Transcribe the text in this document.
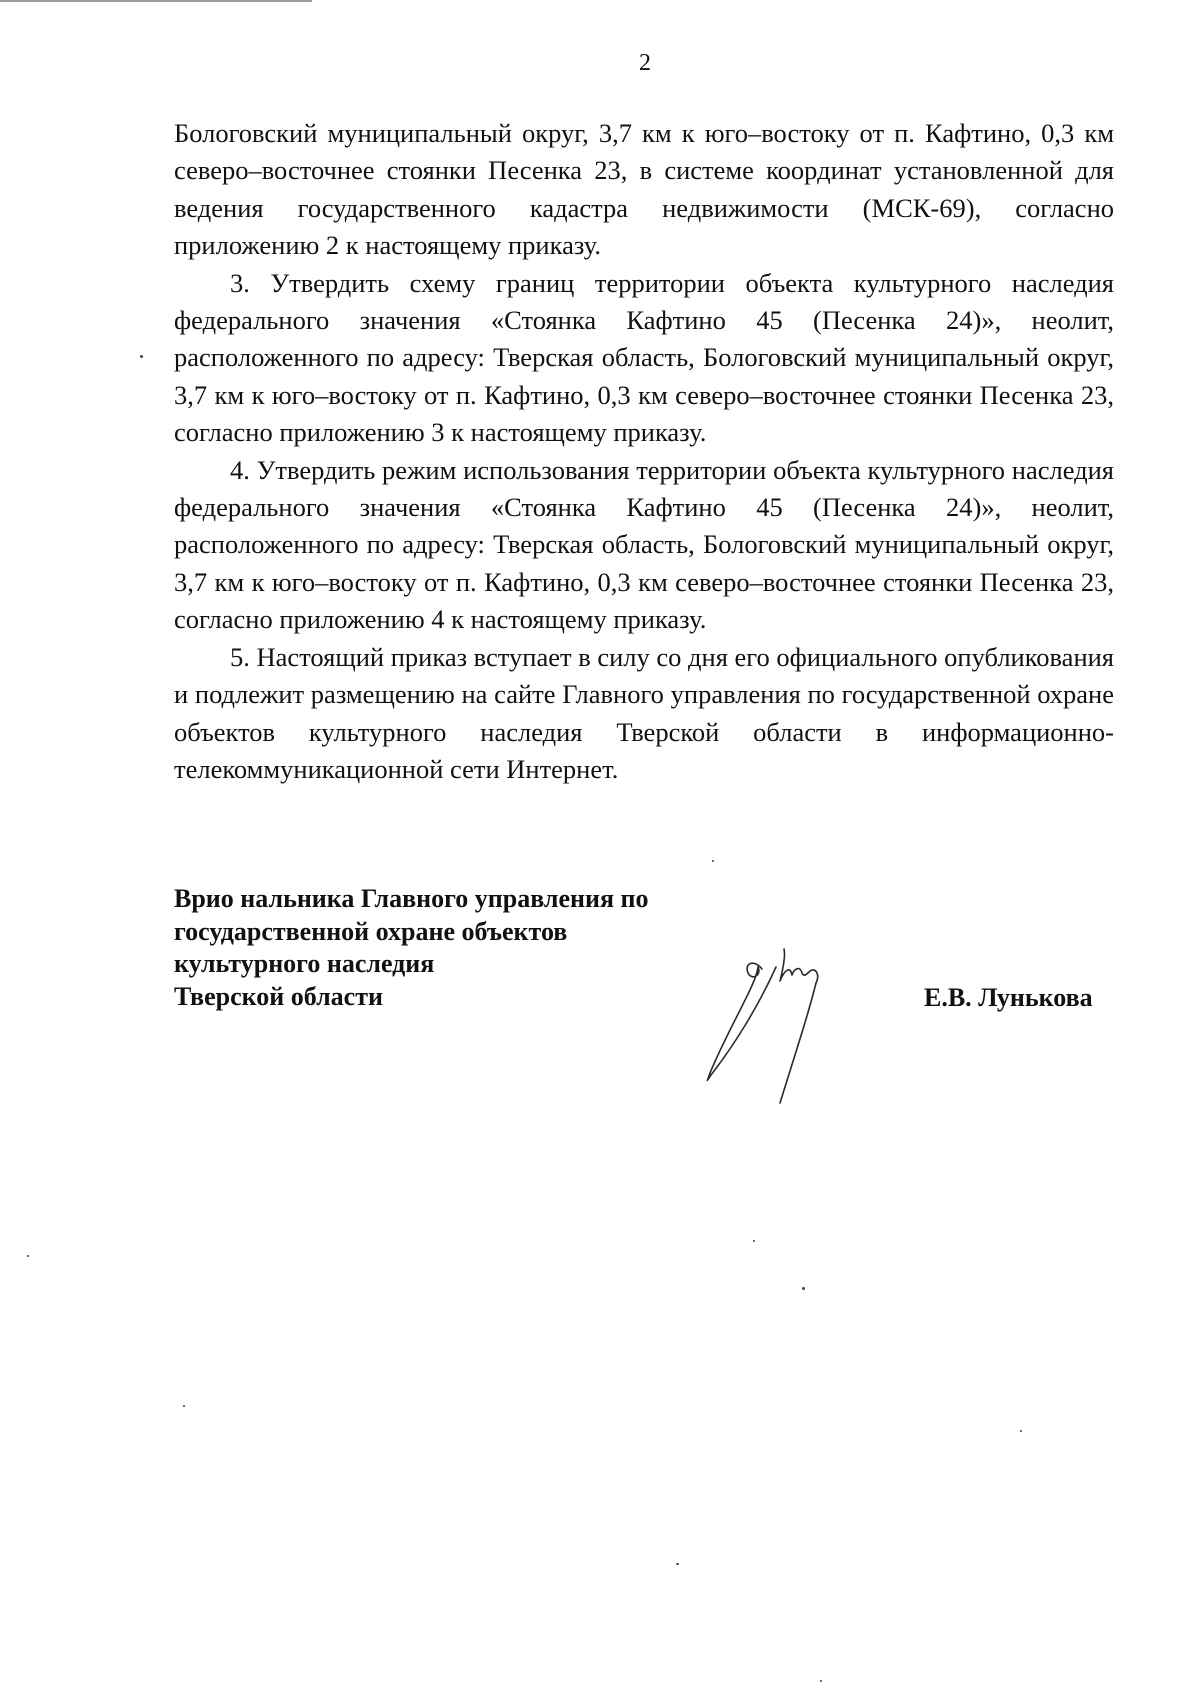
2

Бологовский муниципальный округ, 3,7 км к юго–востоку от п. Кафтино, 0,3 км северо–восточнее стоянки Песенка 23, в системе координат установленной для ведения государственного кадастра недвижимости (МСК-69), согласно приложению 2 к настоящему приказу.

3. Утвердить схему границ территории объекта культурного наследия федерального значения «Стоянка Кафтино 45 (Песенка 24)», неолит, расположенного по адресу: Тверская область, Бологовский муниципальный округ, 3,7 км к юго–востоку от п. Кафтино, 0,3 км северо–восточнее стоянки Песенка 23, согласно приложению 3 к настоящему приказу.

4. Утвердить режим использования территории объекта культурного наследия федерального значения «Стоянка Кафтино 45 (Песенка 24)», неолит, расположенного по адресу: Тверская область, Бологовский муниципальный округ, 3,7 км к юго–востоку от п. Кафтино, 0,3 км северо–восточнее стоянки Песенка 23, согласно приложению 4 к настоящему приказу.

5. Настоящий приказ вступает в силу со дня его официального опубликования и подлежит размещению на сайте Главного управления по государственной охране объектов культурного наследия Тверской области в информационно-телекоммуникационной сети Интернет.

Врио нальника Главного управления по
государственной охране объектов
культурного наследия
Тверской области	Е.В. Лунькова
